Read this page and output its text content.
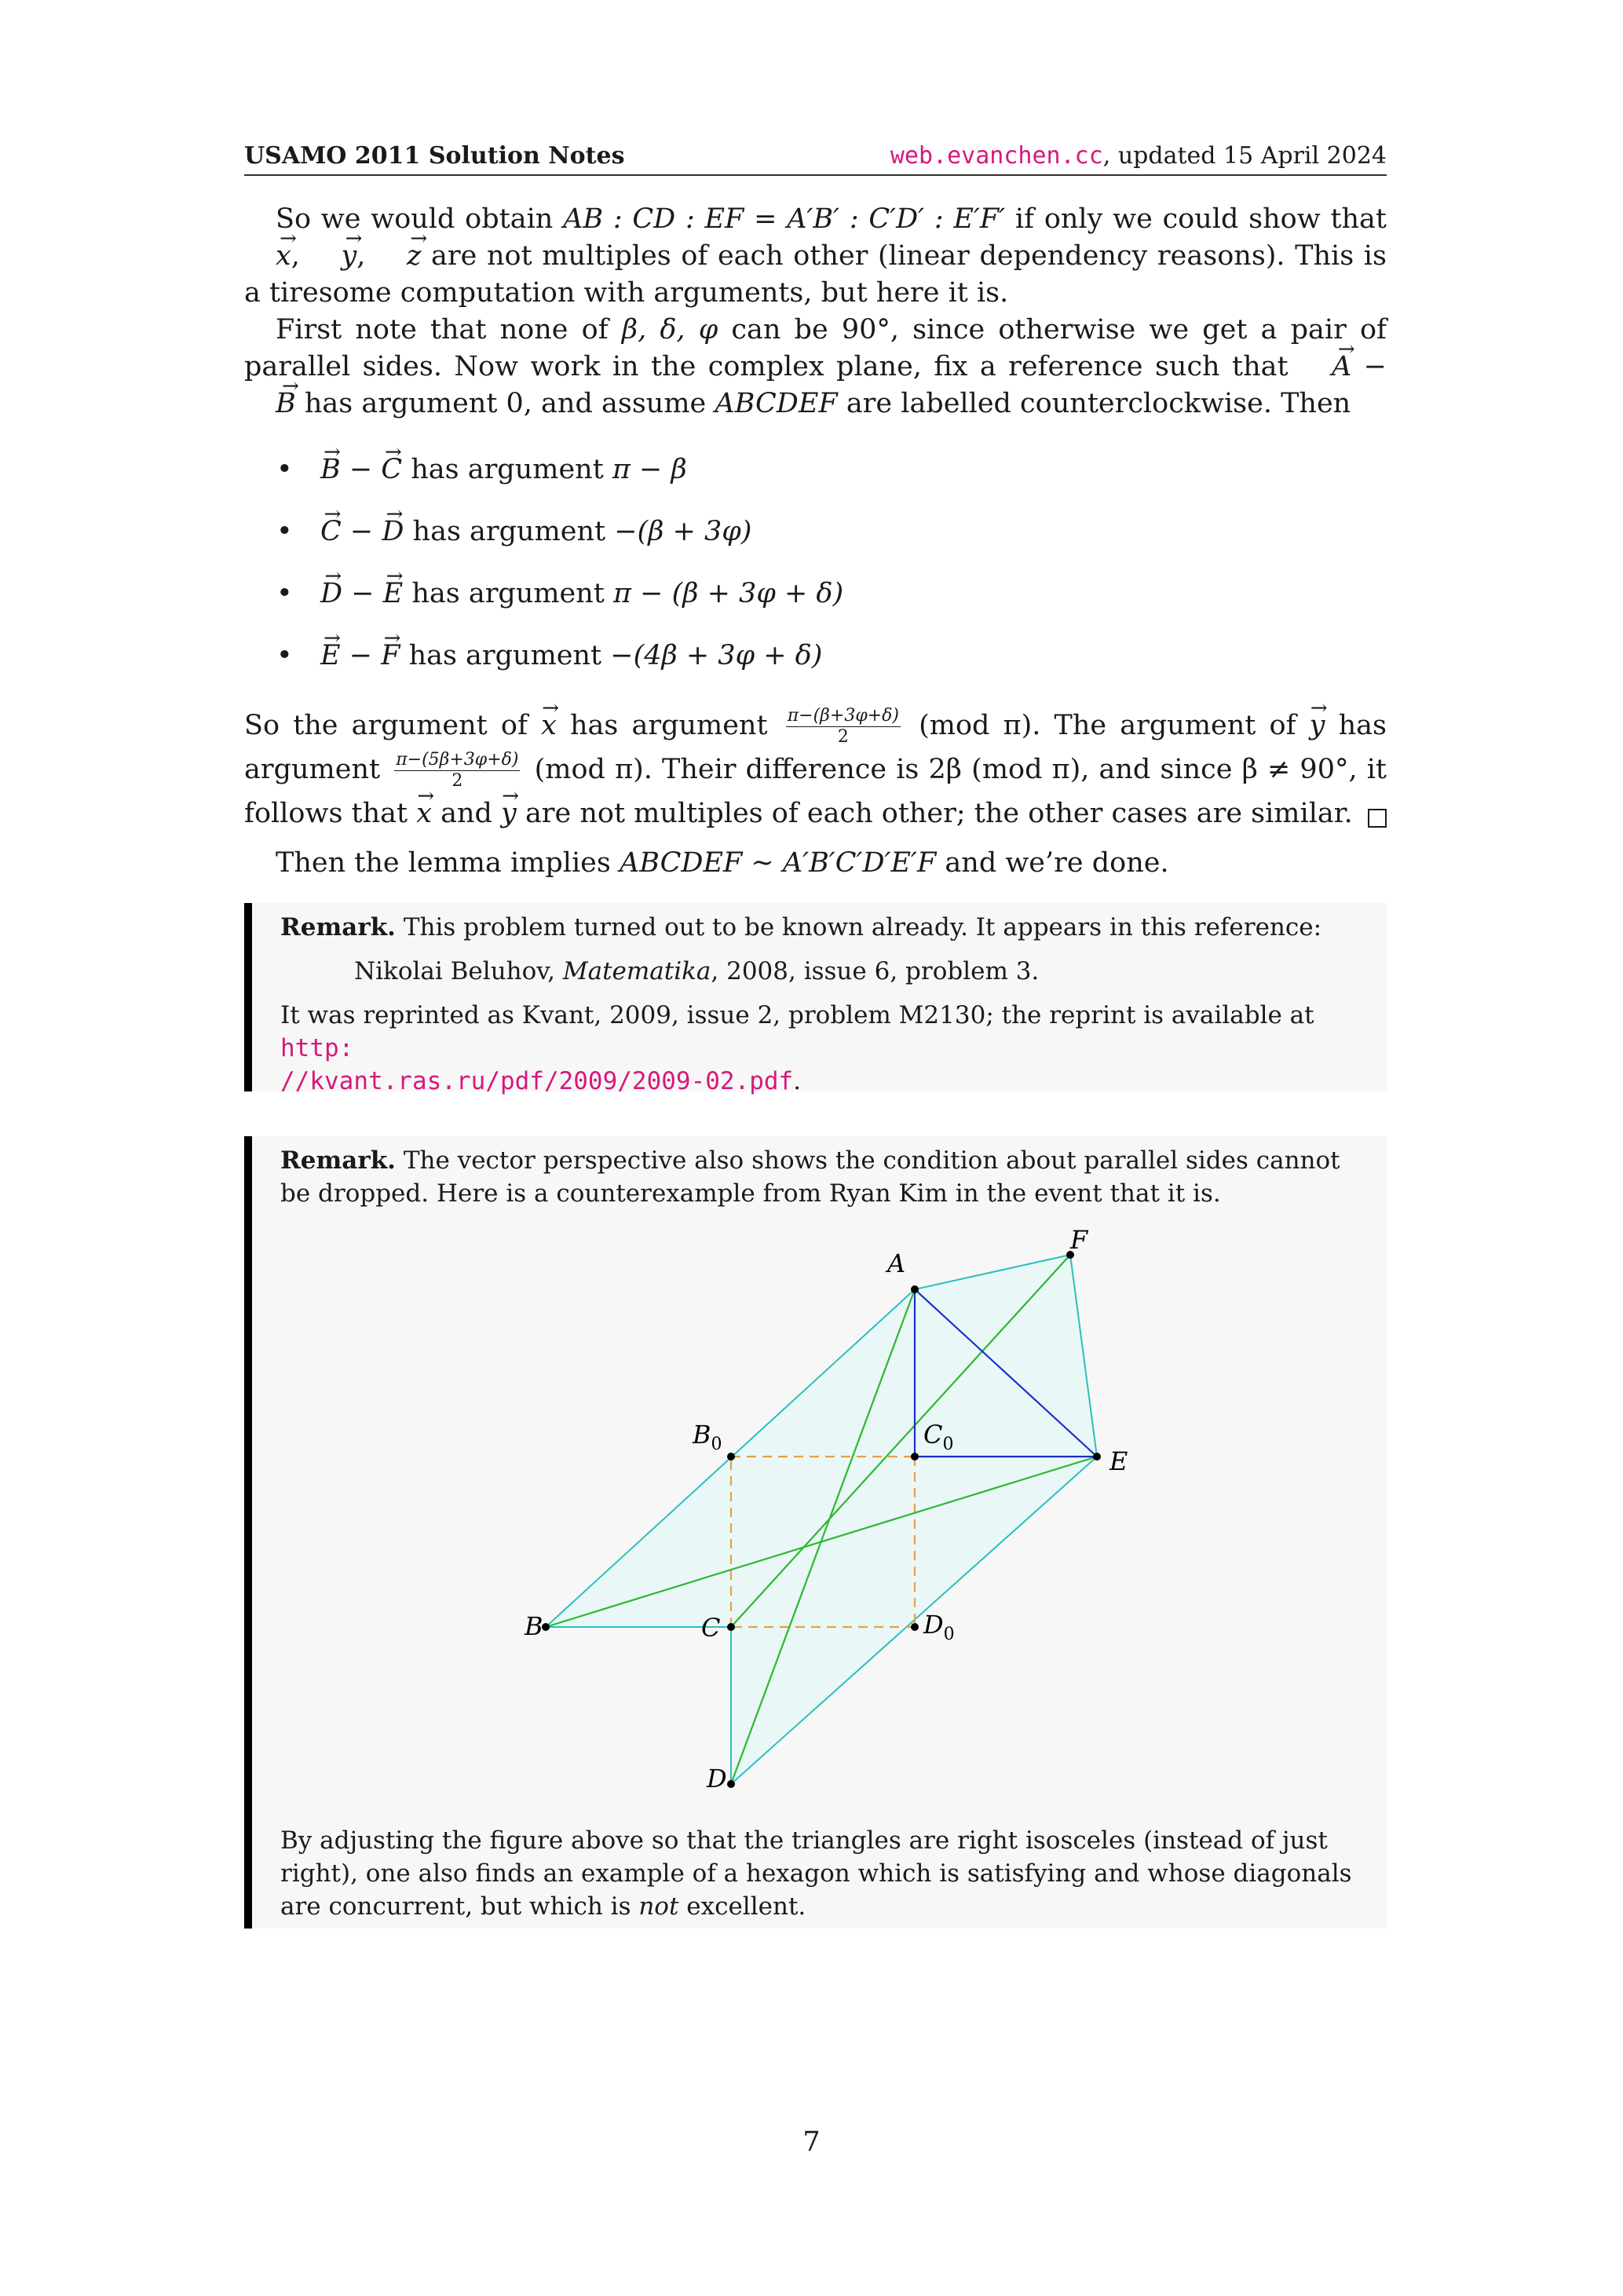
USAMO 2011 Solution Notes	web.evanchen.cc, updated 15 April 2024
So we would obtain AB : CD : EF = A′B′ : C′D′ : E′F′ if only we could show that → x, → y, → z are not multiples of each other (linear dependency reasons). This is a tiresome computation with arguments, but here it is.
First note that none of β, δ, φ can be 90°, since otherwise we get a pair of parallel sides. Now work in the complex plane, fix a reference such that → A − → B has argument 0, and assume ABCDEF are labelled counterclockwise. Then
• → B − → C has argument π − β
• → C − → D has argument −(β + 3φ)
• → D − → E has argument π − (β + 3φ + δ)
• → E − → F has argument −(4β + 3φ + δ)
So the argument of → x has argument $\frac{\pi-(\beta+3\varphi+\delta)}{2} (mod$ π). The argument of → y has argument $\frac{\pi-(5\beta+3\varphi+\delta)}{2} (mod$ π). Their difference is 2β (mod π), and since β ≠ 90°, it follows that → x and → y are not multiples of each other; the other cases are similar.
Then the lemma implies ABCDEF ∼ A′B′C′D′E′F and we’re done.
Remark. This problem turned out to be known already. It appears in this reference:
Nikolai Beluhov, Matematika, 2008, issue 6, problem 3.
It was reprinted as Kvant, 2009, issue 2, problem M2130; the reprint is available at http:
//kvant.ras.ru/pdf/2009/2009-02.pdf.
Remark. The vector perspective also shows the condition about parallel sides cannot be dropped. Here is a counterexample from Ryan Kim in the event that it is.
By adjusting the figure above so that the triangles are right isosceles (instead of just right), one also finds an example of a hexagon which is satisfying and whose diagonals are concurrent, but which is not excellent.
A
F
E
B	C
D
$B_0$	$C_0$
$D_0$
7
